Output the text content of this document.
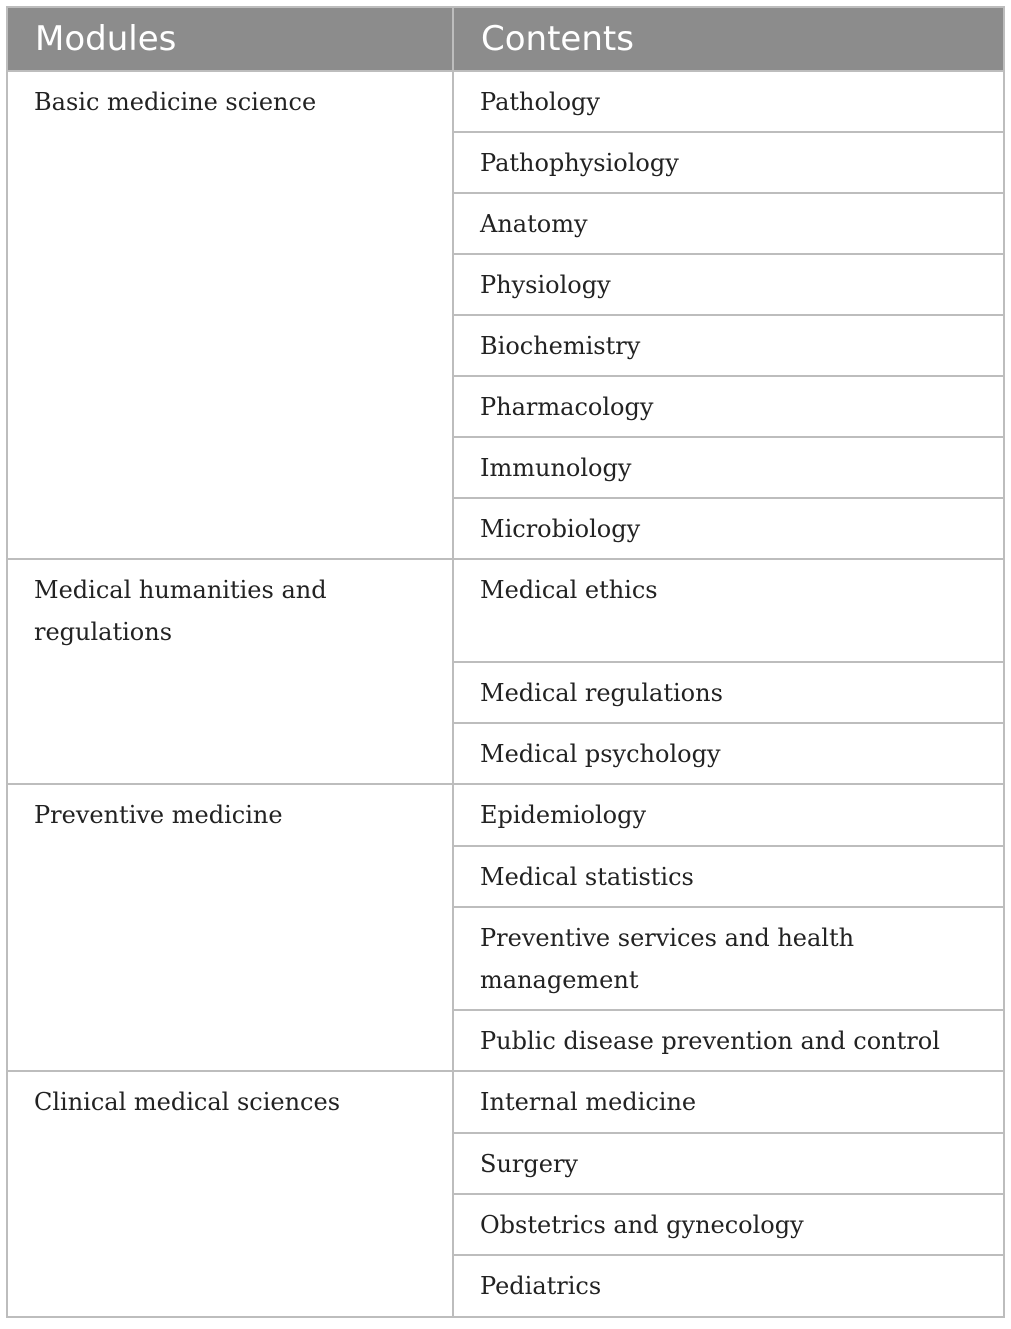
Modules	Contents
Basic medicine science	Pathology
	Pathophysiology
	Anatomy
	Physiology
	Biochemistry
	Pharmacology
	Immunology
	Microbiology
Medical humanities and regulations	Medical ethics
	Medical regulations
	Medical psychology
Preventive medicine	Epidemiology
	Medical statistics
	Preventive services and health management
	Public disease prevention and control
Clinical medical sciences	Internal medicine
	Surgery
	Obstetrics and gynecology
	Pediatrics
